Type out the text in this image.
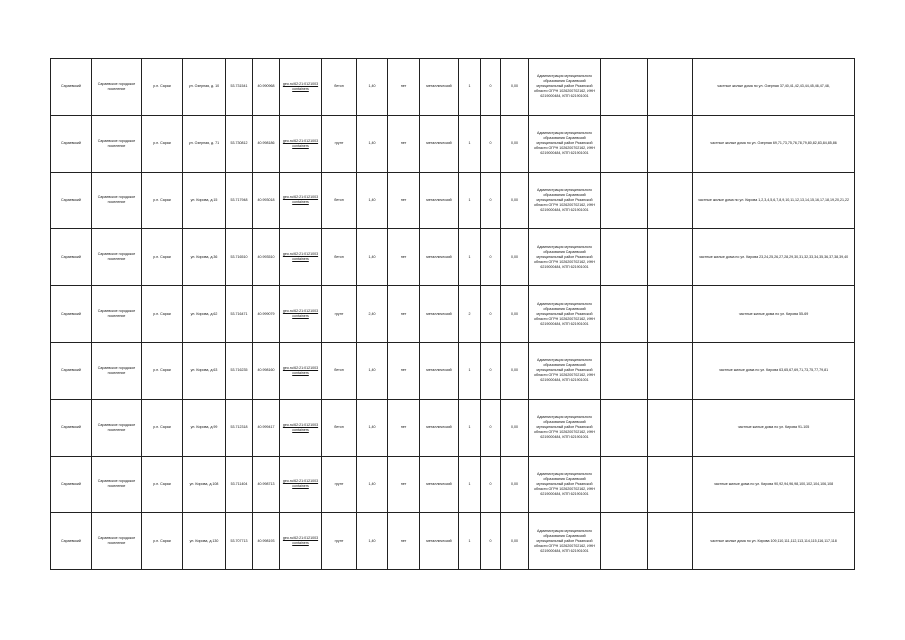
Сараевский	Сараевское городское поселение	р.п. Сараи	ул. Озерная, д. 10	53.731541	40.990968	geo.ru/62:21:0121003 containers	бетон	1,40	нет	металлический	1	0	0,00	Администрация муниципального образования Сараевский муниципальный район Рязанской области ОГРН 1026200702162, ИНН 6219000484, КПП 621901001			частные жилые дома по ул. Озерная 37,40,41,42,43,44,45,46,47,48,
Сараевский	Сараевское городское поселение	р.п. Сараи	ул. Озерная, д. 71	53.730812	40.998186	geo.ru/62:21:0121003 containers	грунт	1,40	нет	металлический	1	0	0,00	Администрация муниципального образования Сараевский муниципальный район Рязанской области ОГРН 1026200702162, ИНН 6219000484, КПП 621901001			частные жилые дома по ул. Озерная 69,71,73,75,76,78,79,80,82,83,84,85,86
Сараевский	Сараевское городское поселение	р.п. Сараи	ул. Кирова, д.15	53.717948	40.993018	geo.ru/62:21:0121003 containers	бетон	1,40	нет	металлический	1	0	0,00	Администрация муниципального образования Сараевский муниципальный район Рязанской области ОГРН 1026200702162, ИНН 6219000484, КПП 621901001			частные жилые дома по ул. Кирова 1,2,3,4,5,6,7,8,9,10,11,12,13,14,15,16,17,18,19,20,21,22
Сараевский	Сараевское городское поселение	р.п. Сараи	ул. Кирова, д.36	53.716510	40.993510	geo.ru/62:21:0121003 containers	бетон	1,40	нет	металлический	1	0	0,00	Администрация муниципального образования Сараевский муниципальный район Рязанской области ОГРН 1026200702162, ИНН 6219000484, КПП 621901001			частные жилые дома по ул. Кирова 23,24,25,26,27,28,29,30,31,32,33,34,35,36,37,38,39,40
Сараевский	Сараевское городское поселение	р.п. Сараи	ул. Кирова, д.62	53.716471	40.999079	geo.ru/62:21:0121003 containers	грунт	2,40	нет	металлический	2	0	0,00	Администрация муниципального образования Сараевский муниципальный район Рязанской области ОГРН 1026200702162, ИНН 6219000484, КПП 621901001			частные жилые дома по ул. Кирова 55-69
Сараевский	Сараевское городское поселение	р.п. Сараи	ул. Кирова, д.63	53.716235	40.998160	geo.ru/62:21:0121003 containers	бетон	1,40	нет	металлический	1	0	0,00	Администрация муниципального образования Сараевский муниципальный район Рязанской области ОГРН 1026200702162, ИНН 6219000484, КПП 621901001			частные жилые дома по ул. Кирова 63,65,67,69,71,73,75,77,79,81
Сараевский	Сараевское городское поселение	р.п. Сараи	ул. Кирова, д.99	53.712318	40.999417	geo.ru/62:21:0121003 containers	бетон	1,40	нет	металлический	1	0	0,00	Администрация муниципального образования Сараевский муниципальный район Рязанской области ОГРН 1026200702162, ИНН 6219000484, КПП 621901001			частные жилые дома по ул. Кирова 91-105
Сараевский	Сараевское городское поселение	р.п. Сараи	ул. Кирова, д.108	53.711404	40.998713	geo.ru/62:21:0121003 containers	грунт	1,40	нет	металлический	1	0	0,00	Администрация муниципального образования Сараевский муниципальный район Рязанской области ОГРН 1026200702162, ИНН 6219000484, КПП 621901001			частные жилые дома по ул. Кирова 90,92,94,96,98,100,102,104,106,108
Сараевский	Сараевское городское поселение	р.п. Сараи	ул. Кирова, д.130	53.707713	40.998193	geo.ru/62:21:0121003 containers	грунт	1,40	нет	металлический	1	0	0,00	Администрация муниципального образования Сараевский муниципальный район Рязанской области ОГРН 1026200702162, ИНН 6219000484, КПП 621901001			частные жилые дома по ул. Кирова 109,110,111,112,113,114,115,116,117,118
